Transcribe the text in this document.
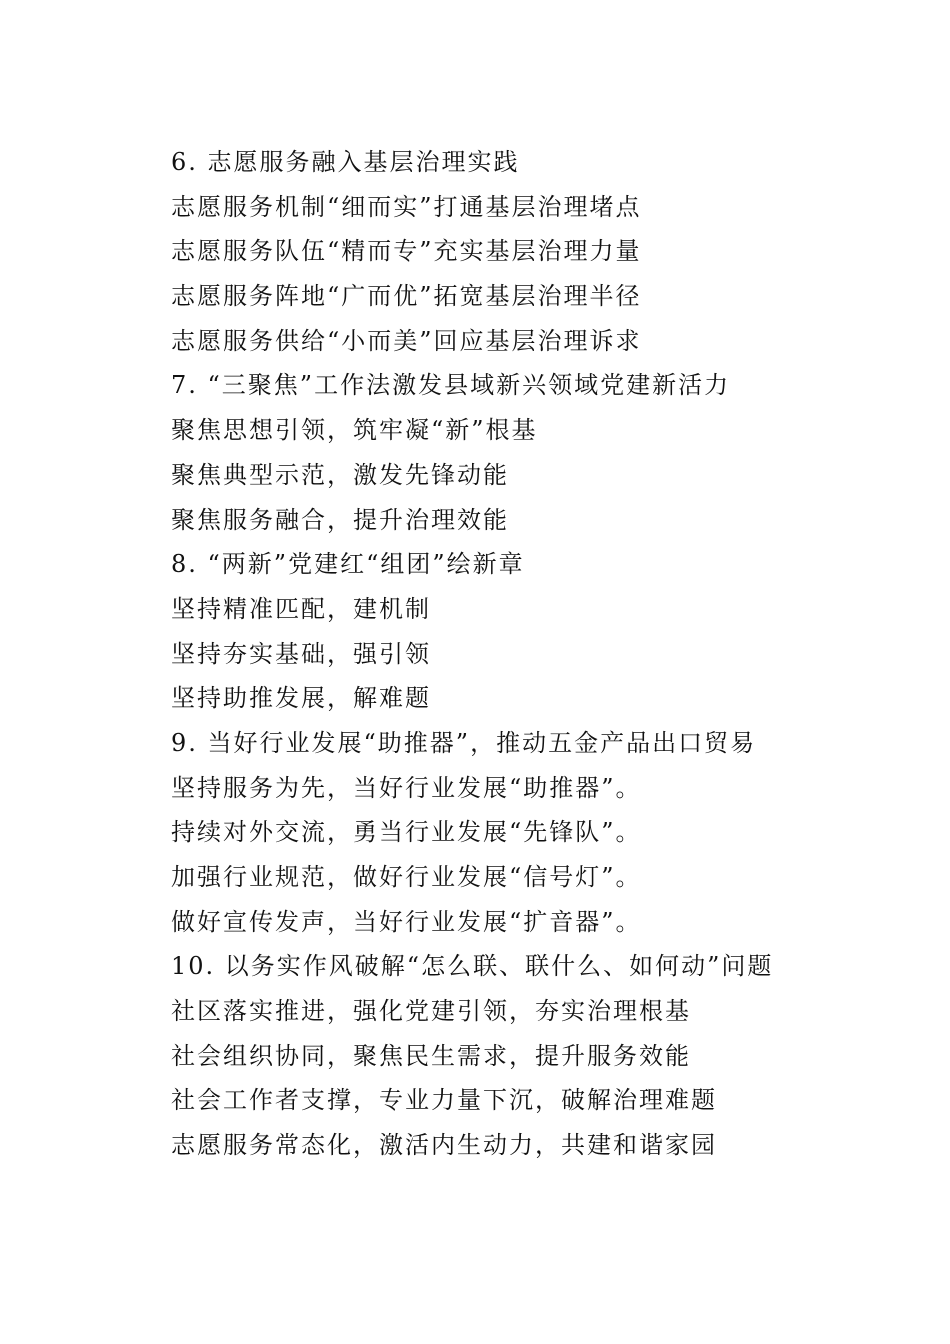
6. 志愿服务融入基层治理实践
志愿服务机制“细而实”打通基层治理堵点
志愿服务队伍“精而专”充实基层治理力量
志愿服务阵地“广而优”拓宽基层治理半径
志愿服务供给“小而美”回应基层治理诉求
7. “三聚焦”工作法激发县域新兴领域党建新活力
聚焦思想引领，筑牢凝“新”根基
聚焦典型示范，激发先锋动能
聚焦服务融合，提升治理效能
8. “两新”党建红“组团”绘新章
坚持精准匹配，建机制
坚持夯实基础，强引领
坚持助推发展，解难题
9. 当好行业发展“助推器”，推动五金产品出口贸易
坚持服务为先，当好行业发展“助推器”。
持续对外交流，勇当行业发展“先锋队”。
加强行业规范，做好行业发展“信号灯”。
做好宣传发声，当好行业发展“扩音器”。
10. 以务实作风破解“怎么联、联什么、如何动”问题
社区落实推进，强化党建引领，夯实治理根基
社会组织协同，聚焦民生需求，提升服务效能
社会工作者支撑，专业力量下沉，破解治理难题
志愿服务常态化，激活内生动力，共建和谐家园
